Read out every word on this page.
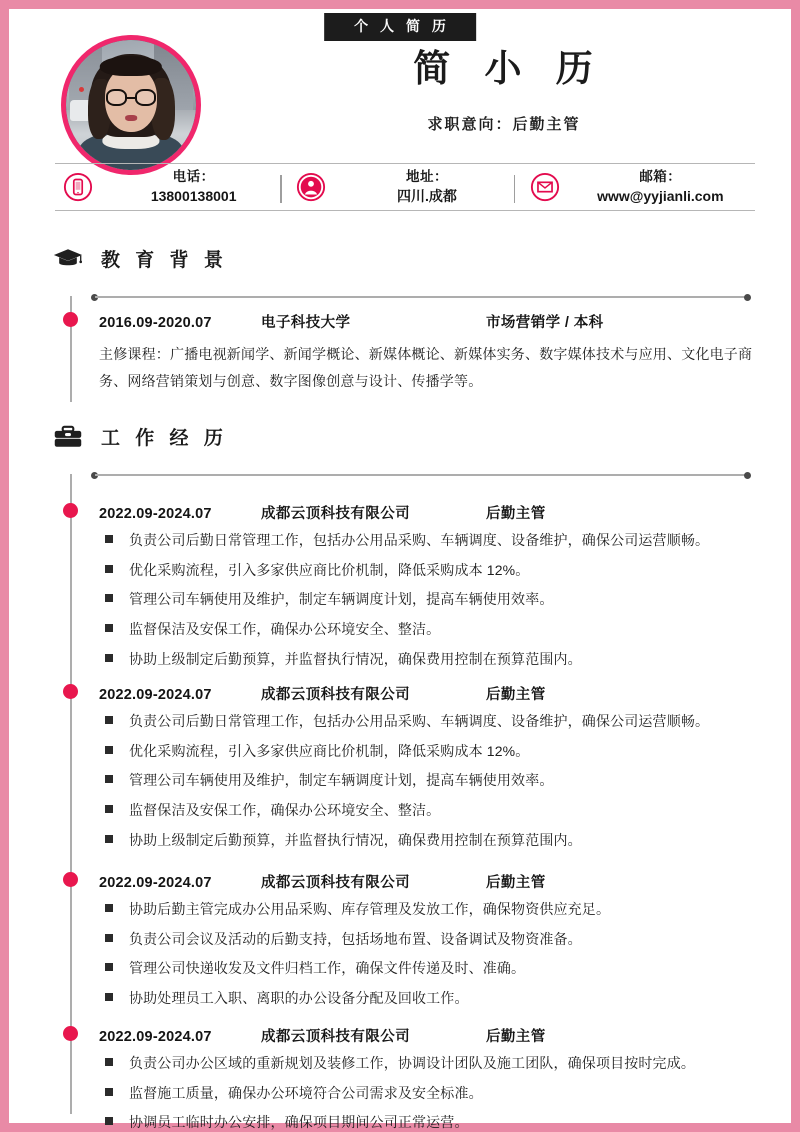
个 人 简 历
简 小 历
求职意向：后勤主管
电话：
13800138001
地址：
四川.成都
邮箱：
www@yyjianli.com
教 育 背 景
2016.09-2020.07	电子科技大学	市场营销学 / 本科
主修课程：广播电视新闻学、新闻学概论、新媒体概论、新媒体实务、数字媒体技术与应用、文化电子商务、网络营销策划与创意、数字图像创意与设计、传播学等。
工 作 经 历
2022.09-2024.07	成都云顶科技有限公司	后勤主管
负责公司后勤日常管理工作，包括办公用品采购、车辆调度、设备维护，确保公司运营顺畅。
优化采购流程，引入多家供应商比价机制，降低采购成本 12%。
管理公司车辆使用及维护，制定车辆调度计划，提高车辆使用效率。
监督保洁及安保工作，确保办公环境安全、整洁。
协助上级制定后勤预算，并监督执行情况，确保费用控制在预算范围内。
2022.09-2024.07	成都云顶科技有限公司	后勤主管
负责公司后勤日常管理工作，包括办公用品采购、车辆调度、设备维护，确保公司运营顺畅。
优化采购流程，引入多家供应商比价机制，降低采购成本 12%。
管理公司车辆使用及维护，制定车辆调度计划，提高车辆使用效率。
监督保洁及安保工作，确保办公环境安全、整洁。
协助上级制定后勤预算，并监督执行情况，确保费用控制在预算范围内。
2022.09-2024.07	成都云顶科技有限公司	后勤主管
协助后勤主管完成办公用品采购、库存管理及发放工作，确保物资供应充足。
负责公司会议及活动的后勤支持，包括场地布置、设备调试及物资准备。
管理公司快递收发及文件归档工作，确保文件传递及时、准确。
协助处理员工入职、离职的办公设备分配及回收工作。
2022.09-2024.07	成都云顶科技有限公司	后勤主管
负责公司办公区域的重新规划及装修工作，协调设计团队及施工团队，确保项目按时完成。
监督施工质量，确保办公环境符合公司需求及安全标准。
协调员工临时办公安排，确保项目期间公司正常运营。
